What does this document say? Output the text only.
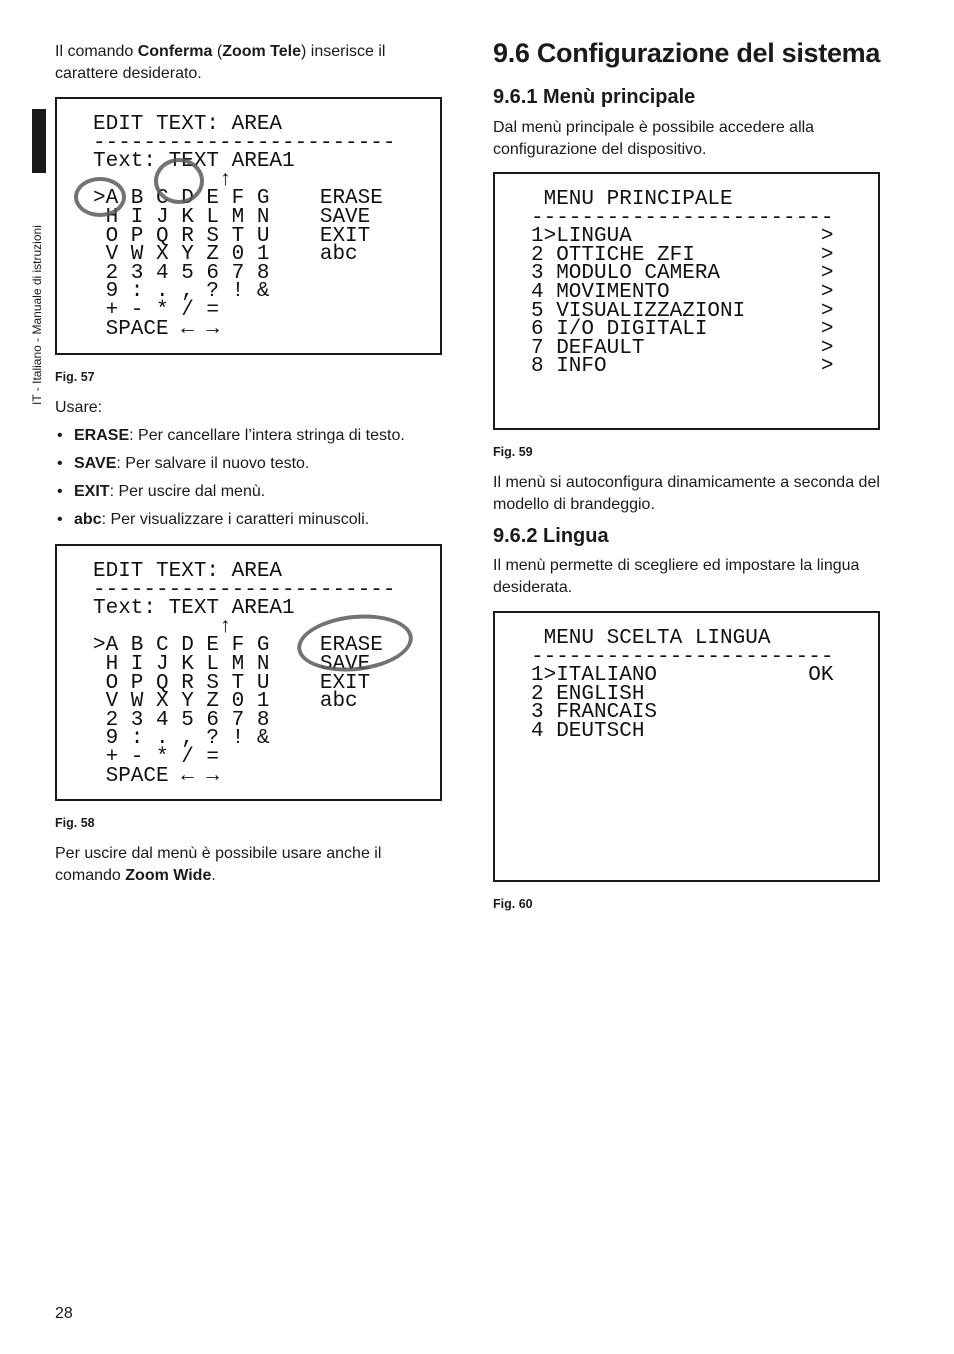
IT - Italiano - Manuale di istruzioni

Il comando Conferma (Zoom Tele) inserisce il carattere desiderato.

EDIT TEXT: AREA
------------------------
Text: TEXT AREA1
↑
>A B C D E F G    ERASE
H I J K L M N    SAVE
O P Q R S T U    EXIT
V W X Y Z 0 1    abc
2 3 4 5 6 7 8
9 : . , ? ! &
+ - * / =
SPACE ← →
Fig. 57
Usare:
• ERASE: Per cancellare l’intera stringa di testo.
• SAVE: Per salvare il nuovo testo.
• EXIT: Per uscire dal menù.
• abc: Per visualizzare i caratteri minuscoli.
EDIT TEXT: AREA
------------------------
Text: TEXT AREA1
↑
>A B C D E F G    ERASE
H I J K L M N    SAVE
O P Q R S T U    EXIT
V W X Y Z 0 1    abc
2 3 4 5 6 7 8
9 : . , ? ! &
+ - * / =
SPACE ← →
Fig. 58

Per uscire dal menù è possibile usare anche il comando Zoom Wide.

9.6 Configurazione del sistema
9.6.1 Menù principale

Dal menù principale è possibile accedere alla configurazione del dispositivo.

MENU PRINCIPALE
------------------------
1>LINGUA               >
2 OTTICHE ZFI          >
3 MODULO CAMERA        >
4 MOVIMENTO            >
5 VISUALIZZAZIONI      >
6 I/O DIGITALI         >
7 DEFAULT              >
8 INFO                 >
Fig. 59

Il menù si autoconfigura dinamicamente a seconda del modello di brandeggio.

9.6.2 Lingua

Il menù permette di scegliere ed impostare la lingua desiderata.

MENU SCELTA LINGUA
------------------------
1>ITALIANO            OK
2 ENGLISH
3 FRANCAIS
4 DEUTSCH
Fig. 60
28
